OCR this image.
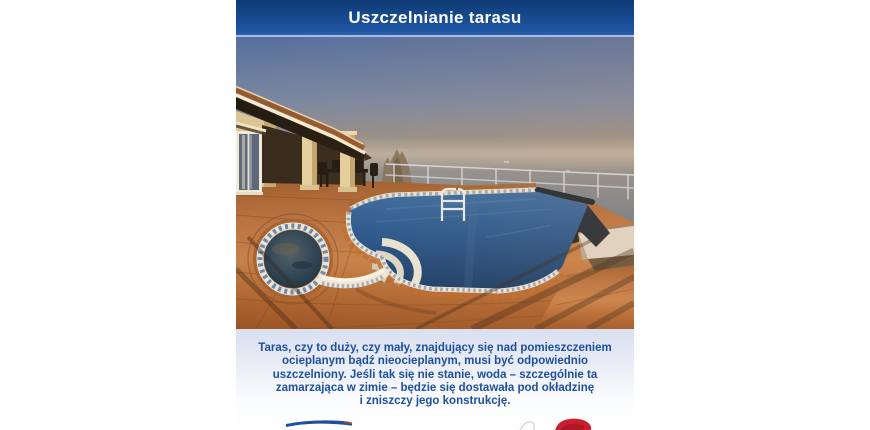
Uszczelnianie tarasu
Taras, czy to duży, czy mały, znajdujący się nad pomieszczeniem
ocieplanym bądź nieocieplanym, musi być odpowiednio
uszczelniony. Jeśli tak się nie stanie, woda – szczególnie ta
zamarzająca w zimie – będzie się dostawała pod okładzinę
i zniszczy jego konstrukcję.
